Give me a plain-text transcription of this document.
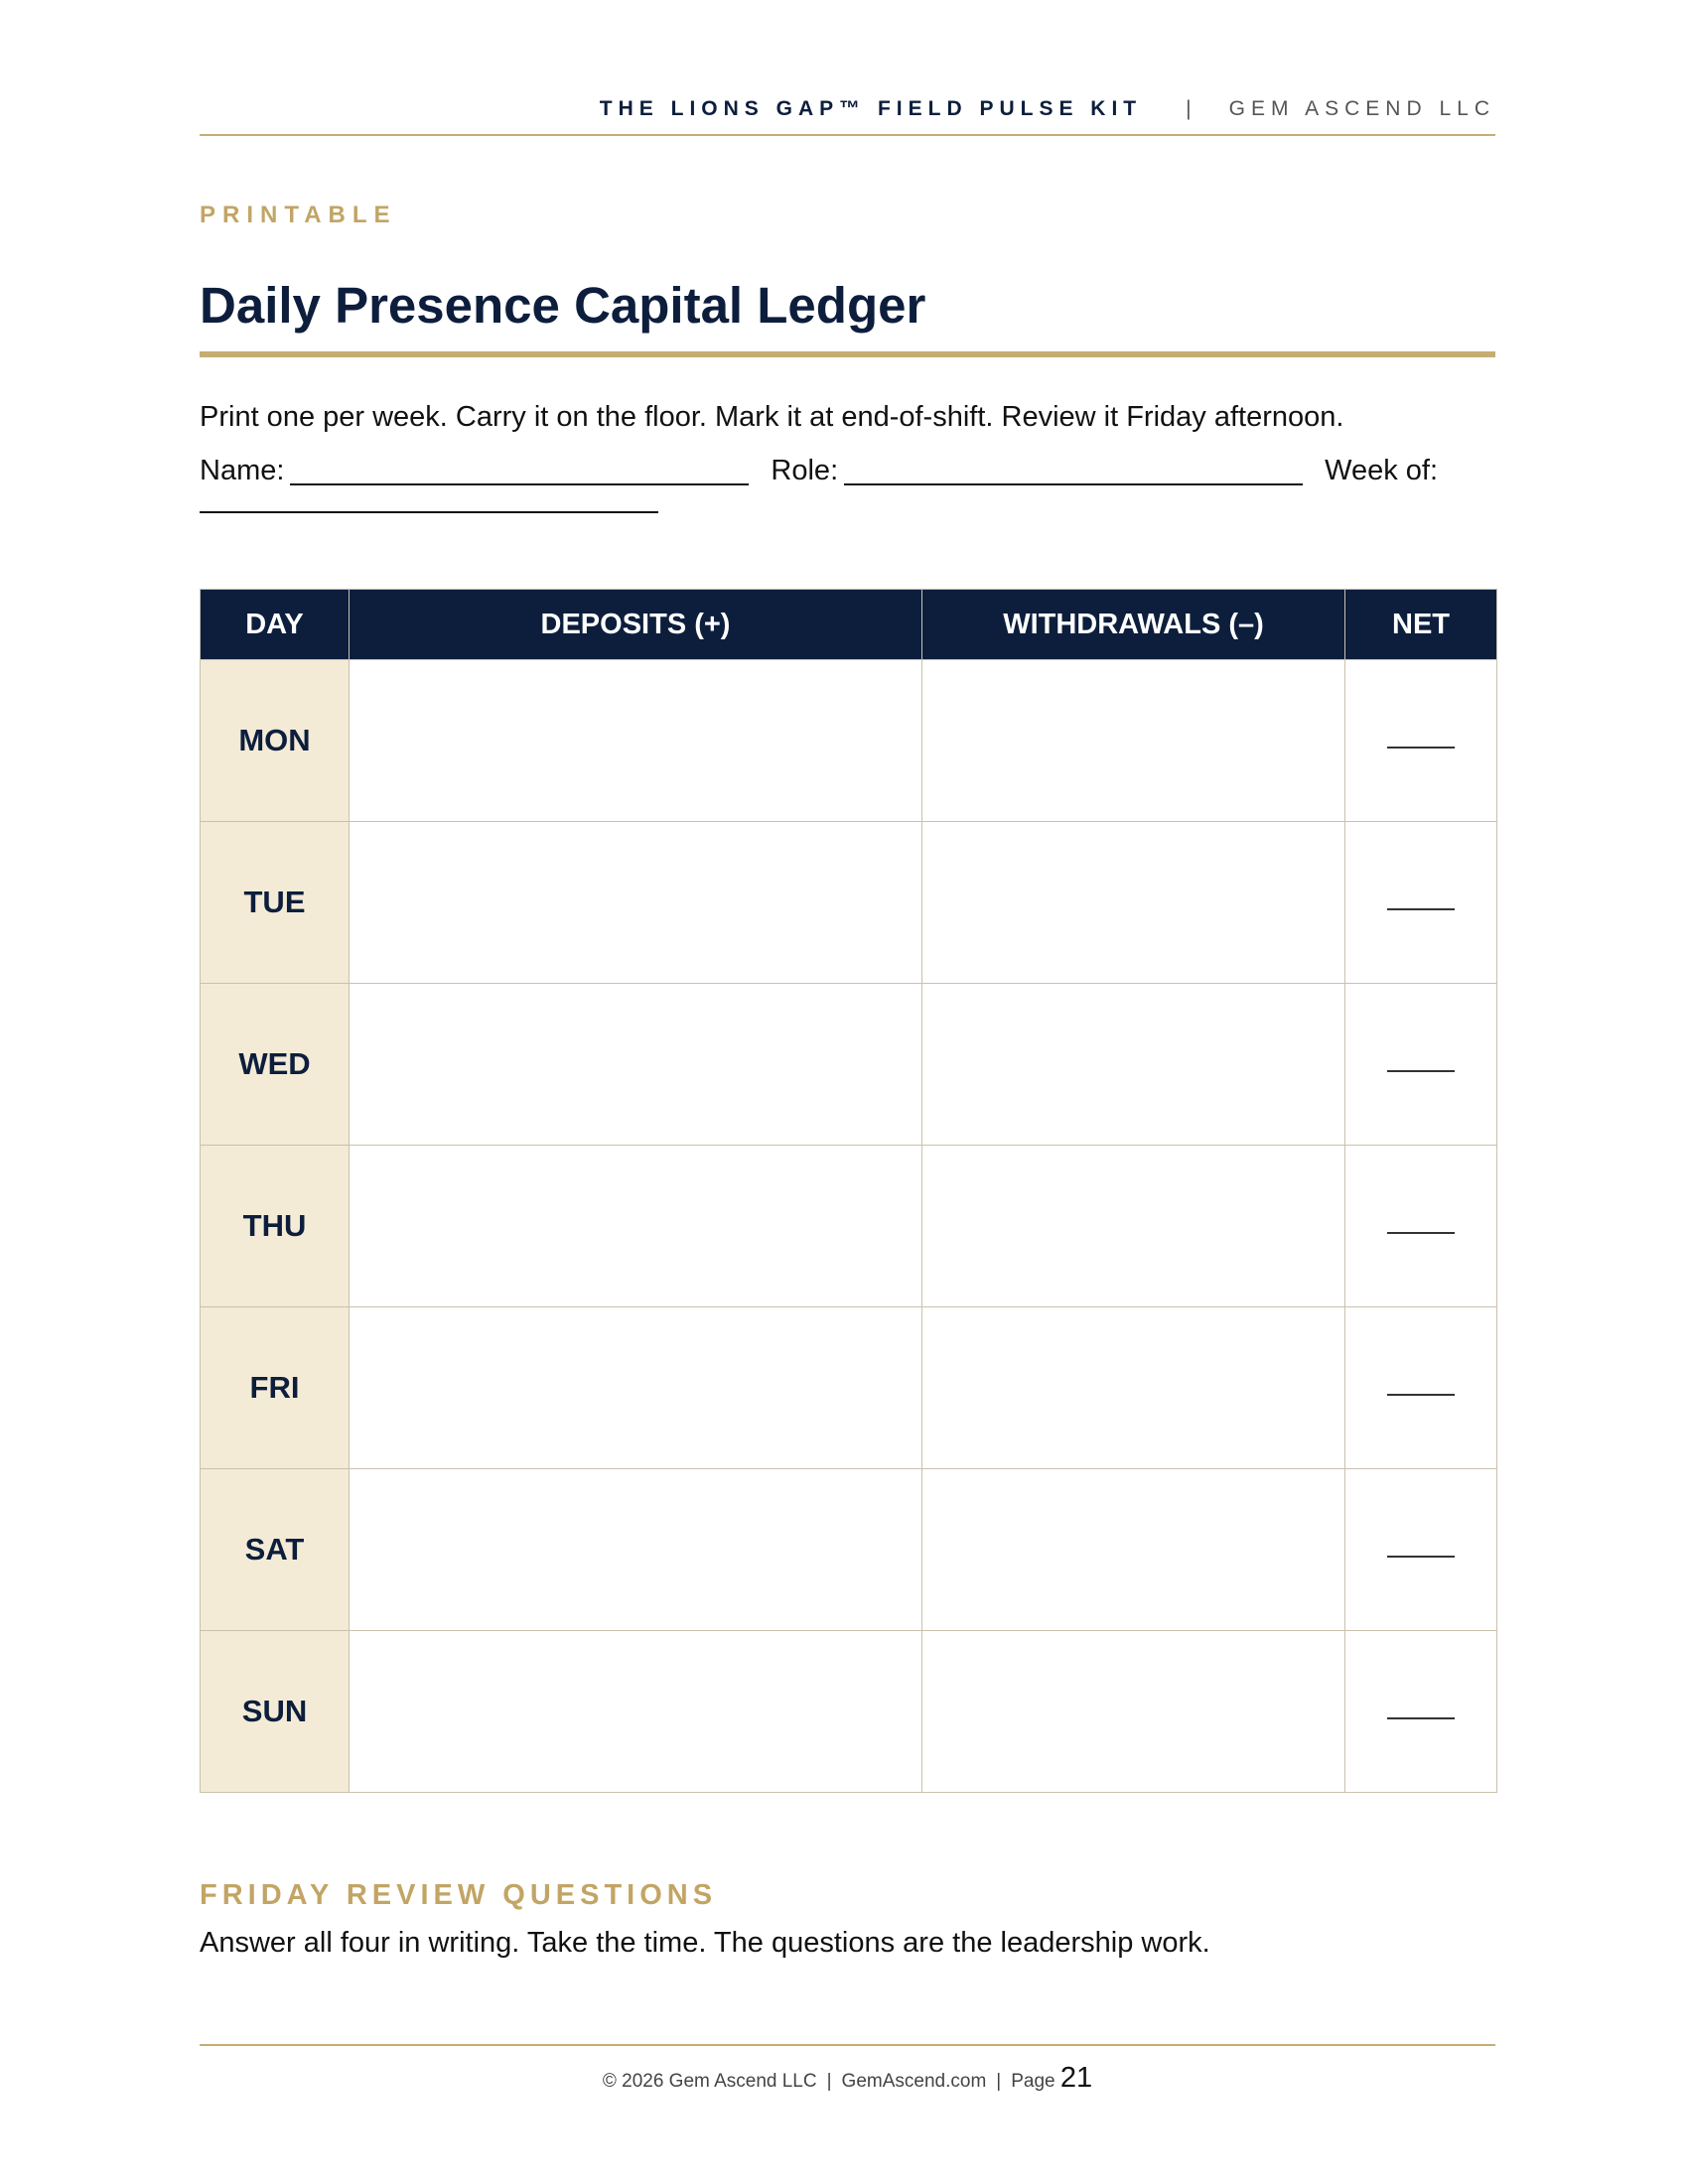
THE LIONS GAP™ FIELD PULSE KIT | GEM ASCEND LLC
PRINTABLE
Daily Presence Capital Ledger
Print one per week. Carry it on the floor. Mark it at end-of-shift. Review it Friday afternoon.
Name:	Role:	Week of:
DAY	DEPOSITS (+)	WITHDRAWALS (–)	NET
MON			
TUE			
WED			
THU			
FRI			
SAT			
SUN			
FRIDAY REVIEW QUESTIONS
Answer all four in writing. Take the time. The questions are the leadership work.
© 2026 Gem Ascend LLC | GemAscend.com | Page 21
